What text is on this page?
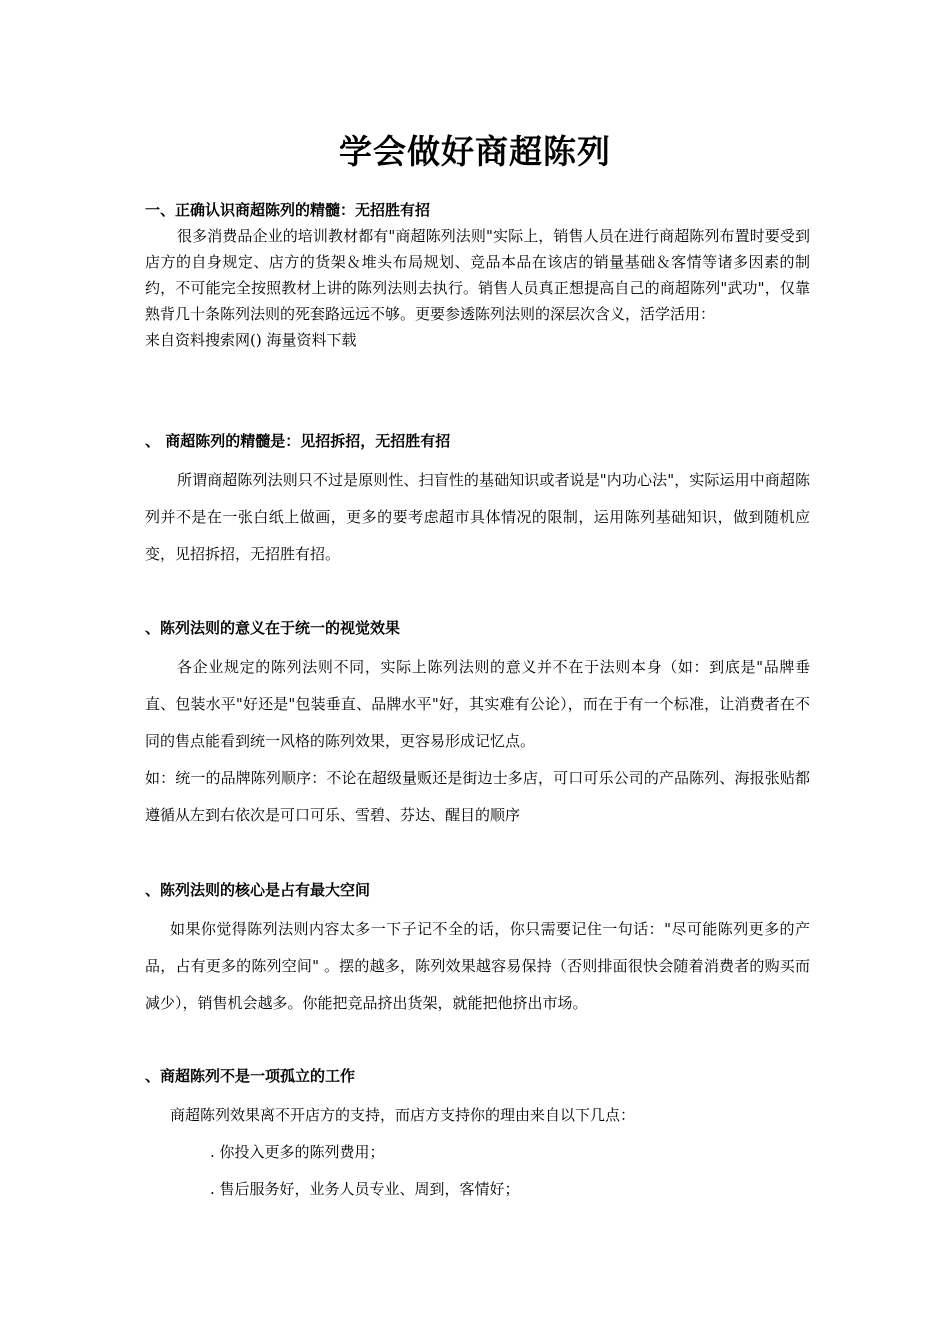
学会做好商超陈列

一、正确认识商超陈列的精髓：无招胜有招

很多消费品企业的培训教材都有"商超陈列法则"实际上，销售人员在进行商超陈列布置时要受到店方的自身规定、店方的货架＆堆头布局规划、竞品本品在该店的销量基础＆客情等诸多因素的制约，不可能完全按照教材上讲的陈列法则去执行。销售人员真正想提高自己的商超陈列"武功"，仅靠熟背几十条陈列法则的死套路远远不够。更要参透陈列法则的深层次含义，活学活用：

来自资料搜索网() 海量资料下载

、 商超陈列的精髓是：见招拆招，无招胜有招

所谓商超陈列法则只不过是原则性、扫盲性的基础知识或者说是"内功心法"，实际运用中商超陈列并不是在一张白纸上做画，更多的要考虑超市具体情况的限制，运用陈列基础知识，做到随机应变，见招拆招，无招胜有招。

、陈列法则的意义在于统一的视觉效果

各企业规定的陈列法则不同，实际上陈列法则的意义并不在于法则本身（如：到底是"品牌垂直、包装水平"好还是"包装垂直、品牌水平"好，其实难有公论），而在于有一个标准，让消费者在不同的售点能看到统一风格的陈列效果，更容易形成记忆点。

如：统一的品牌陈列顺序：不论在超级量贩还是街边士多店，可口可乐公司的产品陈列、海报张贴都遵循从左到右依次是可口可乐、雪碧、芬达、醒目的顺序

、陈列法则的核心是占有最大空间

如果你觉得陈列法则内容太多一下子记不全的话，你只需要记住一句话："尽可能陈列更多的产品，占有更多的陈列空间" 。摆的越多，陈列效果越容易保持（否则排面很快会随着消费者的购买而减少），销售机会越多。你能把竞品挤出货架，就能把他挤出市场。

、商超陈列不是一项孤立的工作

商超陈列效果离不开店方的支持，而店方支持你的理由来自以下几点：

. 你投入更多的陈列费用；

. 售后服务好，业务人员专业、周到，客情好；
